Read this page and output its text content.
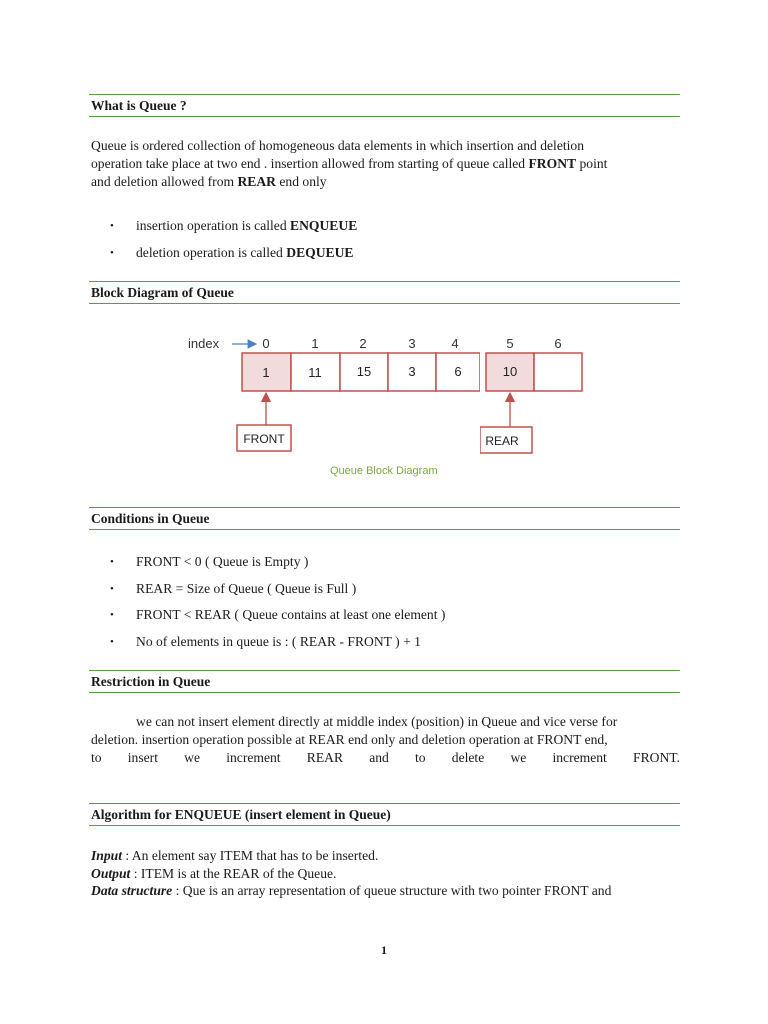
What is Queue ?
Queue is ordered collection of homogeneous data elements in which insertion and deletion
operation take place at two end . insertion allowed from starting of queue called FRONT point
and deletion allowed from REAR end only
• insertion operation is called ENQUEUE
• deletion operation is called DEQUEUE
Block Diagram of Queue
index	0	1	2	3	4
1	11	15	3	6
FRONT
Queue Block Diagram
5	6
10
REAR
Conditions in Queue
• FRONT < 0 ( Queue is Empty )
• REAR = Size of Queue ( Queue is Full )
• FRONT < REAR ( Queue contains at least one element )
• No of elements in queue is : ( REAR - FRONT ) + 1
Restriction in Queue
we can not insert element directly at middle index (position) in Queue and vice verse for
deletion. insertion operation possible at REAR end only and deletion operation at FRONT end,
to insert we increment REAR and to delete we increment FRONT.
Algorithm for ENQUEUE (insert element in Queue)
Input : An element say ITEM that has to be inserted.
Output : ITEM is at the REAR of the Queue.
Data structure : Que is an array representation of queue structure with two pointer FRONT and
1
